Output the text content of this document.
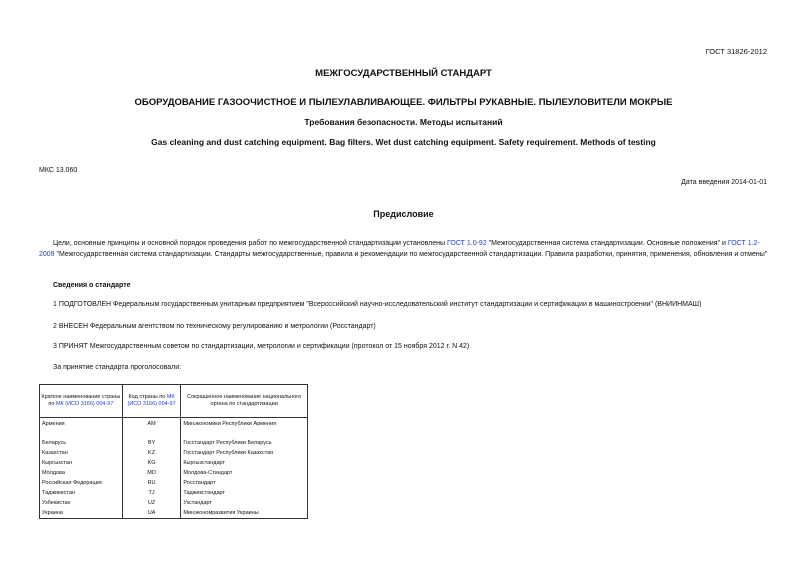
ГОСТ 31826-2012
МЕЖГОСУДАРСТВЕННЫЙ СТАНДАРТ
ОБОРУДОВАНИЕ ГАЗООЧИСТНОЕ И ПЫЛЕУЛАВЛИВАЮЩЕЕ. ФИЛЬТРЫ РУКАВНЫЕ. ПЫЛЕУЛОВИТЕЛИ МОКРЫЕ
Требования безопасности. Методы испытаний
Gas cleaning and dust catching equipment. Bag filters. Wet dust catching equipment. Safety requirement. Methods of testing
МКС 13.060
Дата введения 2014-01-01
Предисловие
Цели, основные принципы и основной порядок проведения работ по межгосударственной стандартизации установлены ГОСТ 1.0-92 "Межгосударственная система стандартизации. Основные положения" и ГОСТ 1.2-2009 "Межгосударственная система стандартизации. Стандарты межгосударственные, правила и рекомендации по межгосударственной стандартизации. Правила разработки, принятия, применения, обновления и отмены"
Сведения о стандарте
1 ПОДГОТОВЛЕН Федеральным государственным унитарным предприятием "Всероссийский научно-исследовательский институт стандартизации и сертификации в машиностроении" (ВНИИНМАШ)
2 ВНЕСЕН Федеральным агентством по техническому регулированию и метрологии (Росстандарт)
3 ПРИНЯТ Межгосударственным советом по стандартизации, метрологии и сертификации (протокол от 15 ноября 2012 г. N 42)
За принятие стандарта проголосовали:
Краткое наименование страны по МК (ИСО 3166) 004-97	Код страны по МК (ИСО 3166) 004-97	Сокращенное наименование национального органа по стандартизации
Армения	AM	Минэкономики Республики Армения
Беларусь	BY	Госстандарт Республики Беларусь
Казахстан	KZ	Госстандарт Республики Казахстан
Кыргызстан	KG	Кыргызстандарт
Молдова	MD	Молдова-Стандарт
Российская Федерация	RU	Росстандарт
Таджикистан	TJ	Таджикстандарт
Узбекистан	UZ	Узстандарт
Украина	UA	Минэкономразвития Украины
